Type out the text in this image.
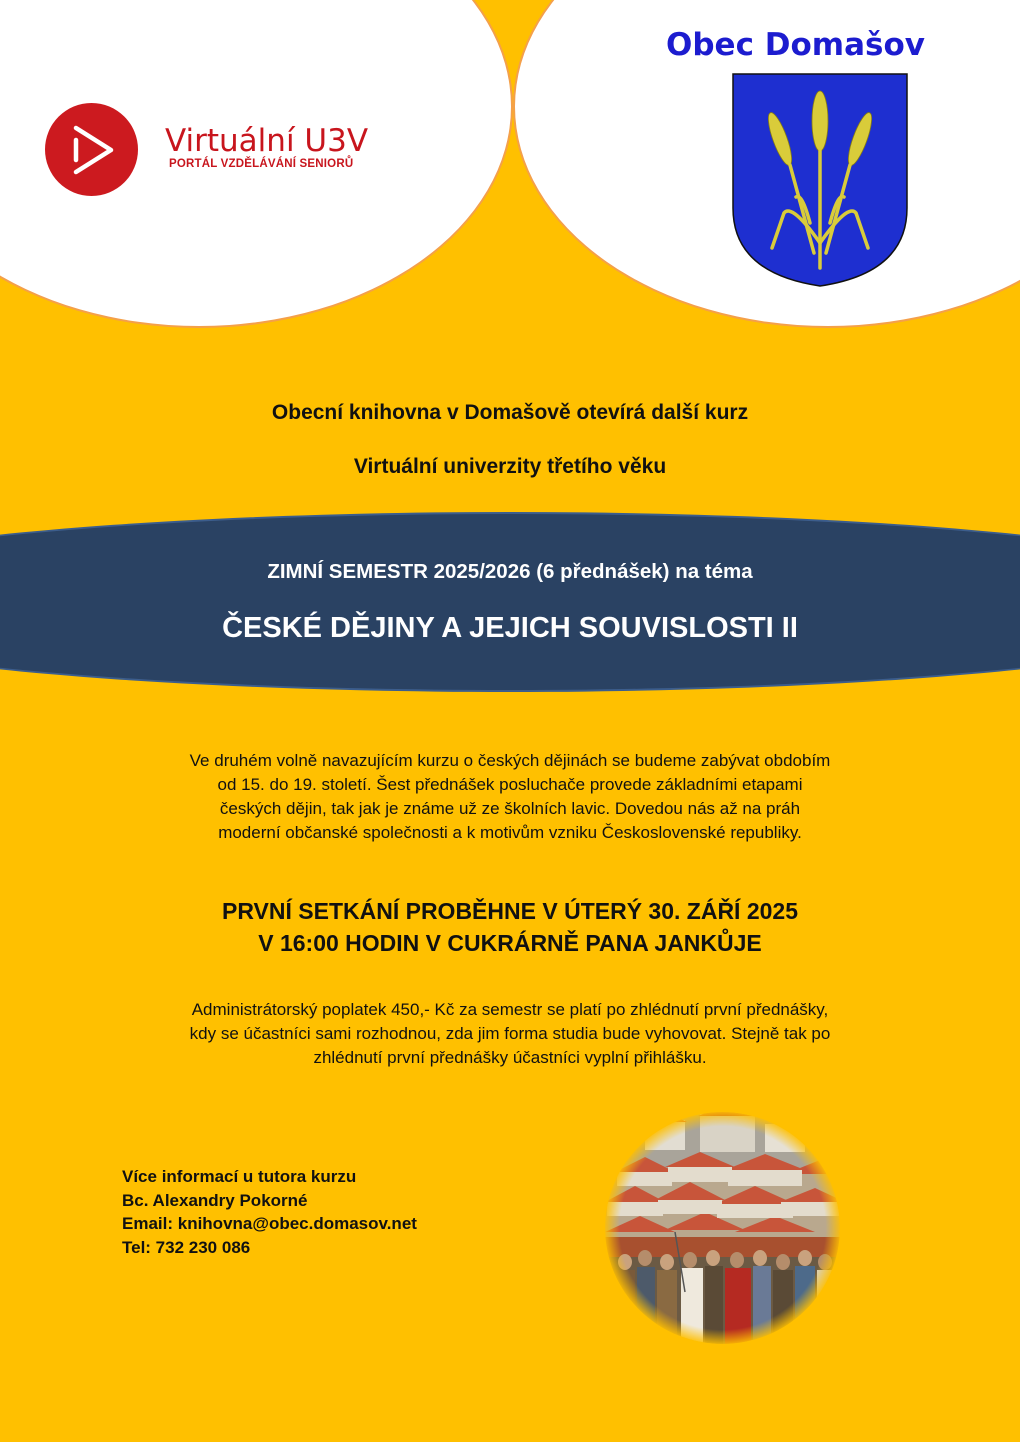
Virtuální U3V
PORTÁL VZDĚLÁVÁNÍ SENIORŮ
Obec Domašov
Obecní knihovna v Domašově otevírá další kurz
Virtuální univerzity třetího věku
ZIMNÍ SEMESTR 2025/2026 (6 přednášek) na téma
ČESKÉ DĚJINY A JEJICH SOUVISLOSTI II
Ve druhém volně navazujícím kurzu o českých dějinách se budeme zabývat obdobím
od 15. do 19. století. Šest přednášek posluchače provede základními etapami
českých dějin, tak jak je známe už ze školních lavic. Dovedou nás až na práh
moderní občanské společnosti a k motivům vzniku Československé republiky.
PRVNÍ SETKÁNÍ PROBĚHNE V ÚTERÝ 30. ZÁŘÍ 2025
V 16:00 HODIN V CUKRÁRNĚ PANA JANKŮJE
Administrátorský poplatek 450,- Kč za semestr se platí po zhlédnutí první přednášky,
kdy se účastníci sami rozhodnou, zda jim forma studia bude vyhovovat. Stejně tak po
zhlédnutí první přednášky účastníci vyplní přihlášku.
Více informací u tutora kurzu
Bc. Alexandry Pokorné
Email: knihovna@obec.domasov.net
Tel: 732 230 086
